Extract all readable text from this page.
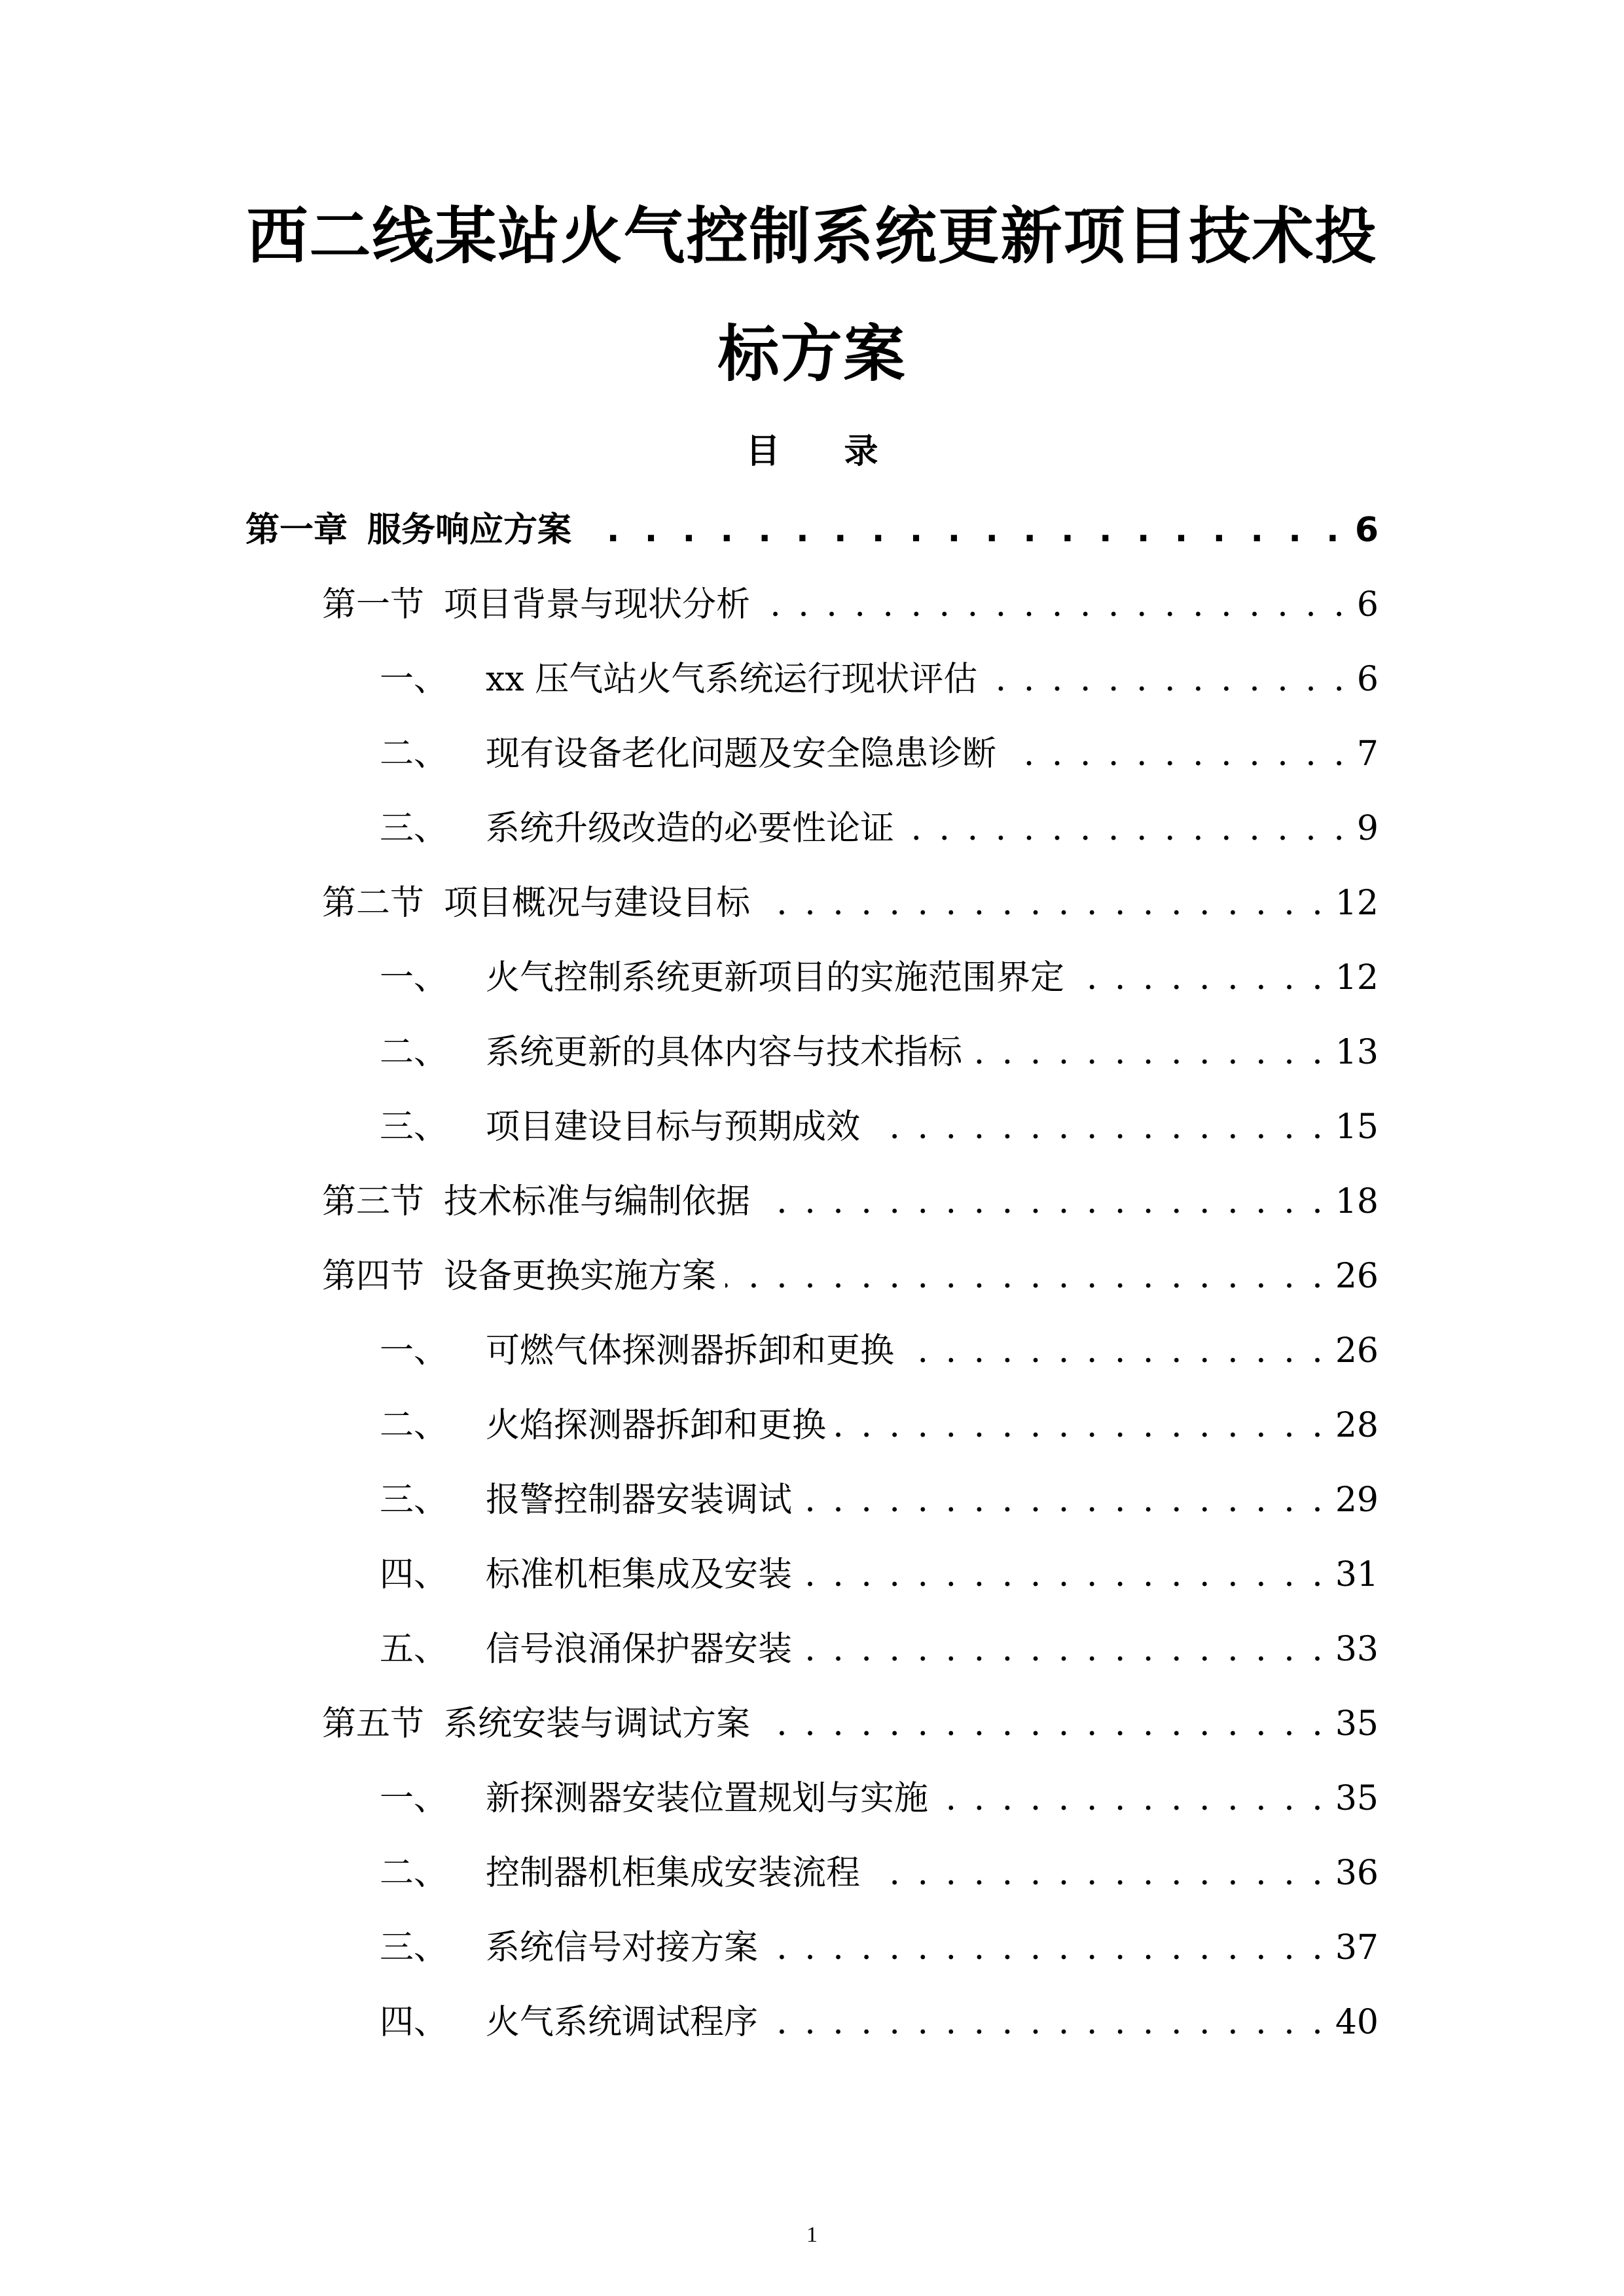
西二线某站火气控制系统更新项目技术投
标方案
目 录
第一章 服务响应方案 . . .	6
第一节 项目背景与现状分析 . . .	6
一、 xx 压气站火气系统运行现状评估 . . .	6
二、 现有设备老化问题及安全隐患诊断 . . .	7
三、 系统升级改造的必要性论证 . . .	9
第二节 项目概况与建设目标 . . .	12
一、 火气控制系统更新项目的实施范围界定 . . .	12
二、 系统更新的具体内容与技术指标 . . .	13
三、 项目建设目标与预期成效 . . .	15
第三节 技术标准与编制依据 . . .	18
第四节 设备更换实施方案 . . .	26
一、 可燃气体探测器拆卸和更换 . . .	26
二、 火焰探测器拆卸和更换 . . .	28
三、 报警控制器安装调试 . . .	29
四、 标准机柜集成及安装 . . .	31
五、 信号浪涌保护器安装 . . .	33
第五节 系统安装与调试方案 . . .	35
一、 新探测器安装位置规划与实施 . . .	35
二、 控制器机柜集成安装流程 . . .	36
三、 系统信号对接方案 . . .	37
四、 火气系统调试程序 . . .	40
1
